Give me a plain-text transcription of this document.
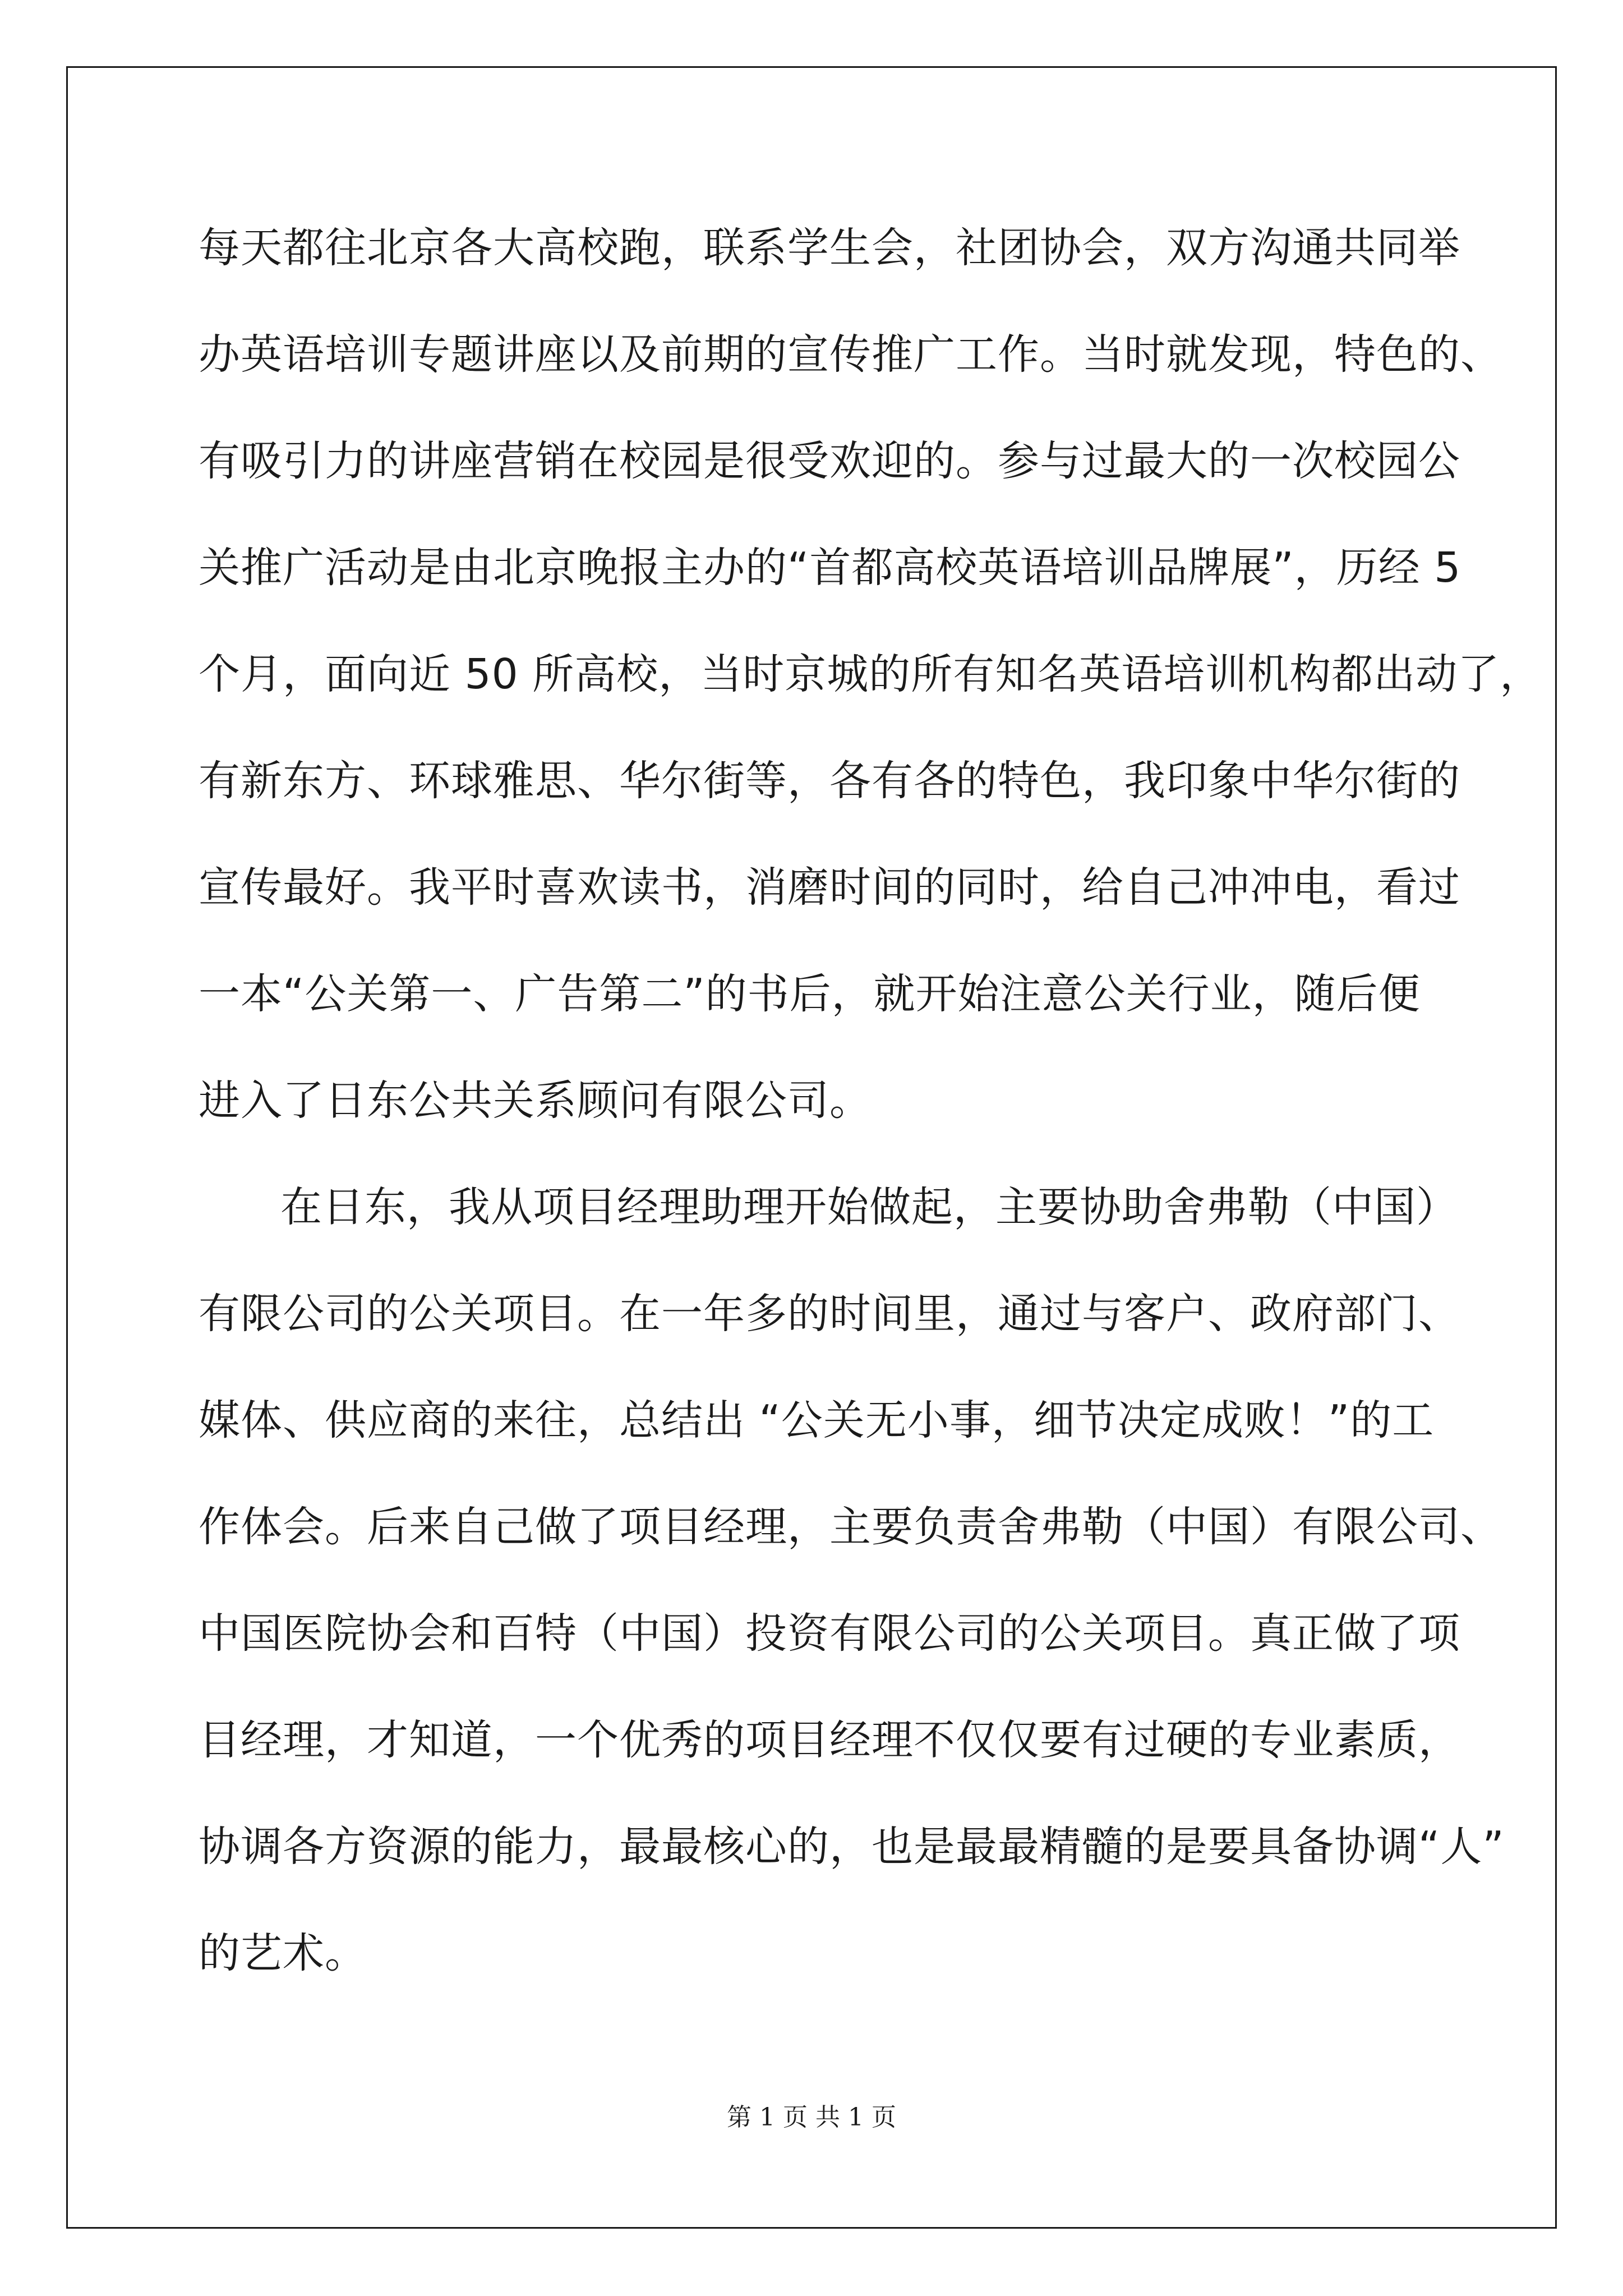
每天都往北京各大高校跑，联系学生会，社团协会，双方沟通共同举
办英语培训专题讲座以及前期的宣传推广工作。当时就发现，特色的、
有吸引力的讲座营销在校园是很受欢迎的。参与过最大的一次校园公
关推广活动是由北京晚报主办的“首都高校英语培训品牌展”，历经 5
个月，面向近 50 所高校，当时京城的所有知名英语培训机构都出动了，
有新东方、环球雅思、华尔街等，各有各的特色，我印象中华尔街的
宣传最好。我平时喜欢读书，消磨时间的同时，给自己冲冲电，看过
一本“公关第一、广告第二”的书后，就开始注意公关行业，随后便
进入了日东公共关系顾问有限公司。
在日东，我从项目经理助理开始做起，主要协助舍弗勒（中国）
有限公司的公关项目。在一年多的时间里，通过与客户、政府部门、
媒体、供应商的来往，总结出 “公关无小事，细节决定成败！”的工
作体会。后来自己做了项目经理，主要负责舍弗勒（中国）有限公司、
中国医院协会和百特（中国）投资有限公司的公关项目。真正做了项
目经理，才知道，一个优秀的项目经理不仅仅要有过硬的专业素质，
协调各方资源的能力，最最核心的，也是最最精髓的是要具备协调“人”
的艺术。
第 1 页 共 1 页
